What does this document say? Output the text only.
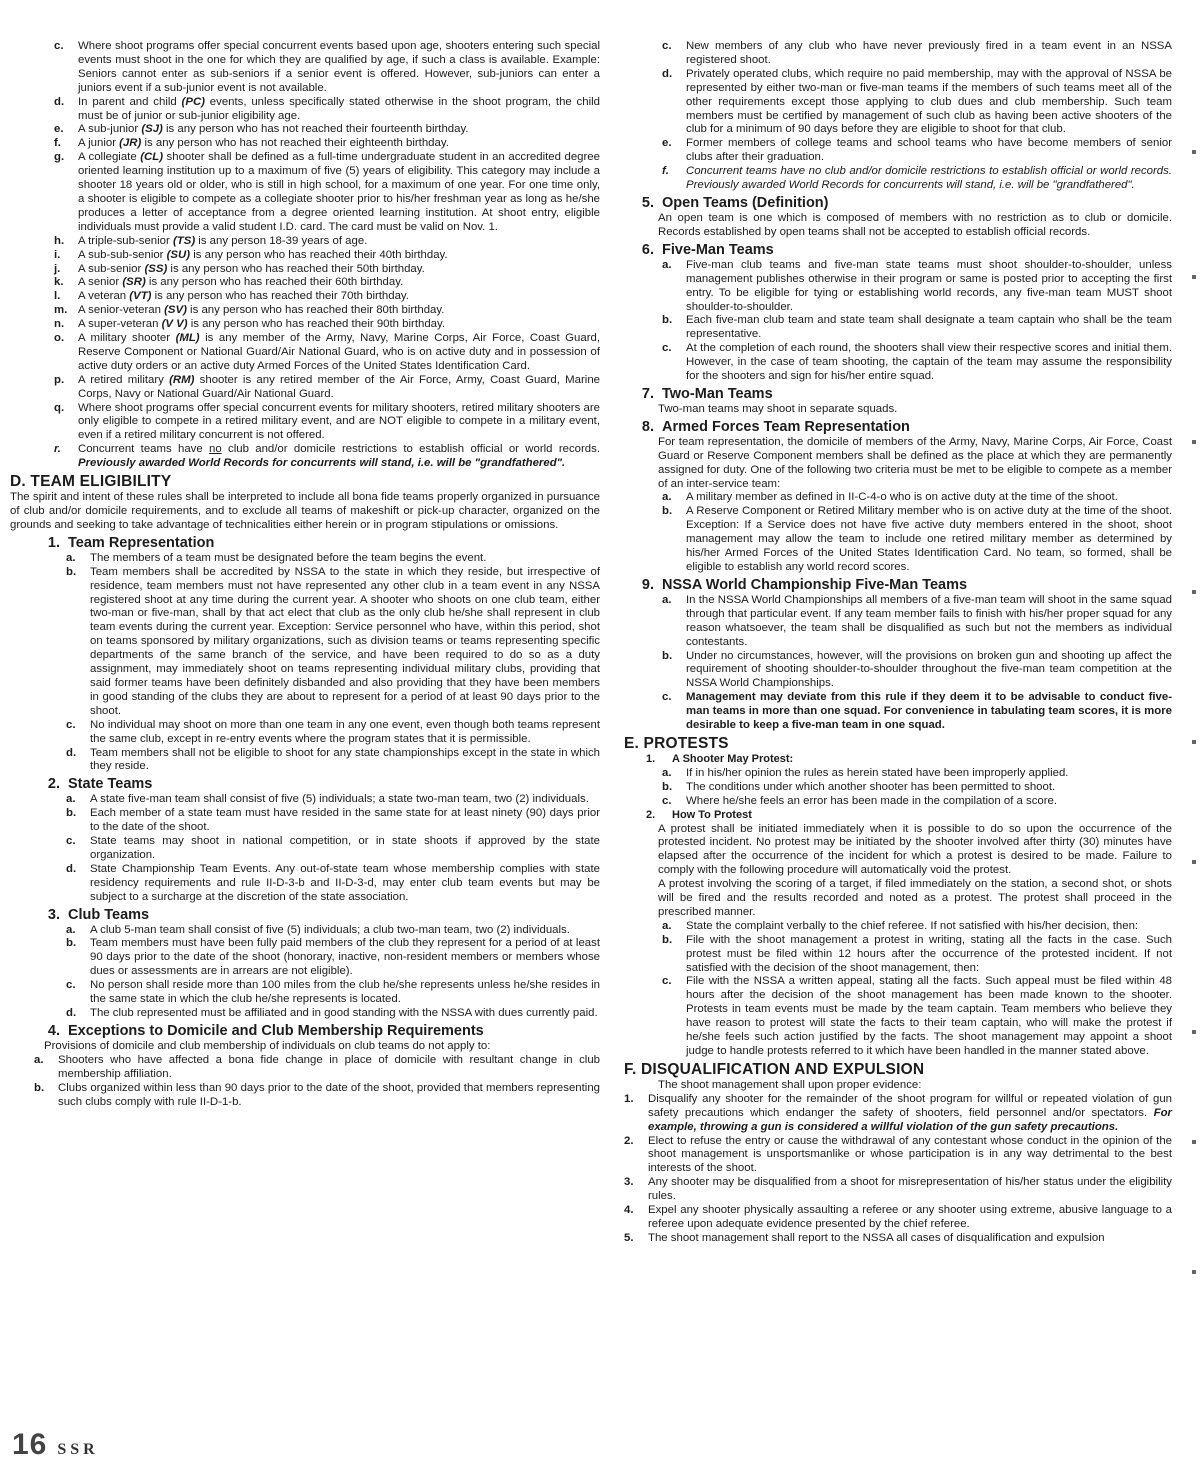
c.	Where shoot programs offer special concurrent events based upon age, shooters entering such special events must shoot in the one for which they are qualified by age, if such a class is available. Example: Seniors cannot enter as sub-seniors if a senior event is offered. However, sub-juniors can enter a juniors event if a sub-junior event is not available.
d.	In parent and child (PC) events, unless specifically stated otherwise in the shoot program, the child must be of junior or sub-junior eligibility age.
e.	A sub-junior (SJ) is any person who has not reached their fourteenth birthday.
f.	A junior (JR) is any person who has not reached their eighteenth birthday.
g.	A collegiate (CL) shooter shall be defined as a full-time undergraduate student in an accredited degree oriented learning institution up to a maximum of five (5) years of eligibility. This category may include a shooter 18 years old or older, who is still in high school, for a maximum of one year. For one time only, a shooter is eligible to compete as a collegiate shooter prior to his/her freshman year as long as he/she produces a letter of acceptance from a degree oriented learning institution. At shoot entry, eligible individuals must provide a valid student I.D. card. The card must be valid on Nov. 1.
h.	A triple-sub-senior (TS) is any person 18-39 years of age.
i.	A sub-sub-senior (SU) is any person who has reached their 40th birthday.
j.	A sub-senior (SS) is any person who has reached their 50th birthday.
k.	A senior (SR) is any person who has reached their 60th birthday.
l.	A veteran (VT) is any person who has reached their 70th birthday.
m. A senior-veteran (SV) is any person who has reached their 80th birthday.
n.	A super-veteran (V V) is any person who has reached their 90th birthday.
o.	A military shooter (ML) is any member of the Army, Navy, Marine Corps, Air Force, Coast Guard, Reserve Component or National Guard/Air National Guard, who is on active duty and in possession of active duty orders or an active duty Armed Forces of the United States Identification Card.
p.	A retired military (RM) shooter is any retired member of the Air Force, Army, Coast Guard, Marine Corps, Navy or National Guard/Air National Guard.
q.	Where shoot programs offer special concurrent events for military shooters, retired military shooters are only eligible to compete in a retired military event, and are NOT eligible to compete in a military event, even if a retired military concurrent is not offered.
r.	Concurrent teams have no club and/or domicile restrictions to establish official or world records. Previously awarded World Records for concurrents will stand, i.e. will be "grandfathered".
D. TEAM ELIGIBILITY
The spirit and intent of these rules shall be interpreted to include all bona fide teams properly organized in pursuance of club and/or domicile requirements, and to exclude all teams of makeshift or pick-up character, organized on the grounds and seeking to take advantage of technicalities either herein or in program stipulations or omissions.
1. Team Representation
a.	The members of a team must be designated before the team begins the event.
b.	Team members shall be accredited by NSSA to the state in which they reside, but irrespective of residence, team members must not have represented any other club in a team event in any NSSA registered shoot at any time during the current year. A shooter who shoots on one club team, either two-man or five-man, shall by that act elect that club as the only club he/she shall represent in club team events during the current year. Exception: Service personnel who have, within this period, shot on teams sponsored by military organizations, such as division teams or teams representing specific departments of the same branch of the service, and have been required to do so as a duty assignment, may immediately shoot on teams representing individual military clubs, providing that said former teams have been definitely disbanded and also providing that they have been members in good standing of the clubs they are about to represent for a period of at least 90 days prior to the shoot.
c.	No individual may shoot on more than one team in any one event, even though both teams represent the same club, except in re-entry events where the program states that it is permissible.
d.	Team members shall not be eligible to shoot for any state championships except in the state in which they reside.
2. State Teams
a.	A state five-man team shall consist of five (5) individuals; a state two-man team, two (2) individuals.
b.	Each member of a state team must have resided in the same state for at least ninety (90) days prior to the date of the shoot.
c.	State teams may shoot in national competition, or in state shoots if approved by the state organization.
d.	State Championship Team Events. Any out-of-state team whose membership complies with state residency requirements and rule II-D-3-b and II-D-3-d, may enter club team events but may be subject to a surcharge at the discretion of the state association.
3. Club Teams
a.	A club 5-man team shall consist of five (5) individuals; a club two-man team, two (2) individuals.
b.	Team members must have been fully paid members of the club they represent for a period of at least 90 days prior to the date of the shoot (honorary, inactive, non-resident members or members whose dues or assessments are in arrears are not eligible).
c.	No person shall reside more than 100 miles from the club he/she represents unless he/she resides in the same state in which the club he/she represents is located.
d.	The club represented must be affiliated and in good standing with the NSSA with dues currently paid.
4. Exceptions to Domicile and Club Membership Requirements
Provisions of domicile and club membership of individuals on club teams do not apply to:
a.	Shooters who have affected a bona fide change in place of domicile with resultant change in club membership affiliation.
b.	Clubs organized within less than 90 days prior to the date of the shoot, provided that members representing such clubs comply with rule II-D-1-b.
c.	New members of any club who have never previously fired in a team event in an NSSA registered shoot.
d.	Privately operated clubs, which require no paid membership, may with the approval of NSSA be represented by either two-man or five-man teams if the members of such teams meet all of the other requirements except those applying to club dues and club membership. Such team members must be certified by management of such club as having been active shooters of the club for a minimum of 90 days before they are eligible to shoot for that club.
e.	Former members of college teams and school teams who have become members of senior clubs after their graduation.
f.	Concurrent teams have no club and/or domicile restrictions to establish official or world records. Previously awarded World Records for concurrents will stand, i.e. will be "grandfathered".
5. Open Teams (Definition)
An open team is one which is composed of members with no restriction as to club or domicile. Records established by open teams shall not be accepted to establish official records.
6. Five-Man Teams
a.	Five-man club teams and five-man state teams must shoot shoulder-to-shoulder, unless management publishes otherwise in their program or same is posted prior to accepting the first entry. To be eligible for tying or establishing world records, any five-man team MUST shoot shoulder-to-shoulder.
b.	Each five-man club team and state team shall designate a team captain who shall be the team representative.
c.	At the completion of each round, the shooters shall view their respective scores and initial them. However, in the case of team shooting, the captain of the team may assume the responsibility for the shooters and sign for his/her entire squad.
7. Two-Man Teams
Two-man teams may shoot in separate squads.
8. Armed Forces Team Representation
For team representation, the domicile of members of the Army, Navy, Marine Corps, Air Force, Coast Guard or Reserve Component members shall be defined as the place at which they are permanently assigned for duty. One of the following two criteria must be met to be eligible to compete as a member of an inter-service team:
a.	A military member as defined in II-C-4-o who is on active duty at the time of the shoot.
b.	A Reserve Component or Retired Military member who is on active duty at the time of the shoot. Exception: If a Service does not have five active duty members entered in the shoot, shoot management may allow the team to include one retired military member as determined by his/her Armed Forces of the United States Identification Card. No team, so formed, shall be eligible to establish any world record scores.
9. NSSA World Championship Five-Man Teams
a.	In the NSSA World Championships all members of a five-man team will shoot in the same squad through that particular event. If any team member fails to finish with his/her proper squad for any reason whatsoever, the team shall be disqualified as such but not the members as individual contestants.
b.	Under no circumstances, however, will the provisions on broken gun and shooting up affect the requirement of shooting shoulder-to-shoulder throughout the five-man team competition at the NSSA World Championships.
c.	Management may deviate from this rule if they deem it to be advisable to conduct five-man teams in more than one squad. For convenience in tabulating team scores, it is more desirable to keep a five-man team in one squad.
E. PROTESTS
1.	A Shooter May Protest:
a.	If in his/her opinion the rules as herein stated have been improperly applied.
b.	The conditions under which another shooter has been permitted to shoot.
c.	Where he/she feels an error has been made in the compilation of a score.
2.	How To Protest
A protest shall be initiated immediately when it is possible to do so upon the occurrence of the protested incident. No protest may be initiated by the shooter involved after thirty (30) minutes have elapsed after the occurrence of the incident for which a protest is desired to be made. Failure to comply with the following procedure will automatically void the protest.
A protest involving the scoring of a target, if filed immediately on the station, a second shot, or shots will be fired and the results recorded and noted as a protest. The protest shall proceed in the prescribed manner.
a.	State the complaint verbally to the chief referee. If not satisfied with his/her decision, then:
b.	File with the shoot management a protest in writing, stating all the facts in the case. Such protest must be filed within 12 hours after the occurrence of the protested incident. If not satisfied with the decision of the shoot management, then:
c.	File with the NSSA a written appeal, stating all the facts. Such appeal must be filed within 48 hours after the decision of the shoot management has been made known to the shooter. Protests in team events must be made by the team captain. Team members who believe they have reason to protest will state the facts to their team captain, who will make the protest if he/she feels such action justified by the facts. The shoot management may appoint a shoot judge to handle protests referred to it which have been handled in the manner stated above.
F. DISQUALIFICATION AND EXPULSION
The shoot management shall upon proper evidence:
1.	Disqualify any shooter for the remainder of the shoot program for willful or repeated violation of gun safety precautions which endanger the safety of shooters, field personnel and/or spectators. For example, throwing a gun is considered a willful violation of the gun safety precautions.
2.	Elect to refuse the entry or cause the withdrawal of any contestant whose conduct in the opinion of the shoot management is unsportsmanlike or whose participation is in any way detrimental to the best interests of the shoot.
3.	Any shooter may be disqualified from a shoot for misrepresentation of his/her status under the eligibility rules.
4.	Expel any shooter physically assaulting a referee or any shooter using extreme, abusive language to a referee upon adequate evidence presented by the chief referee.
5.	The shoot management shall report to the NSSA all cases of disqualification and expulsion
16 SSR
